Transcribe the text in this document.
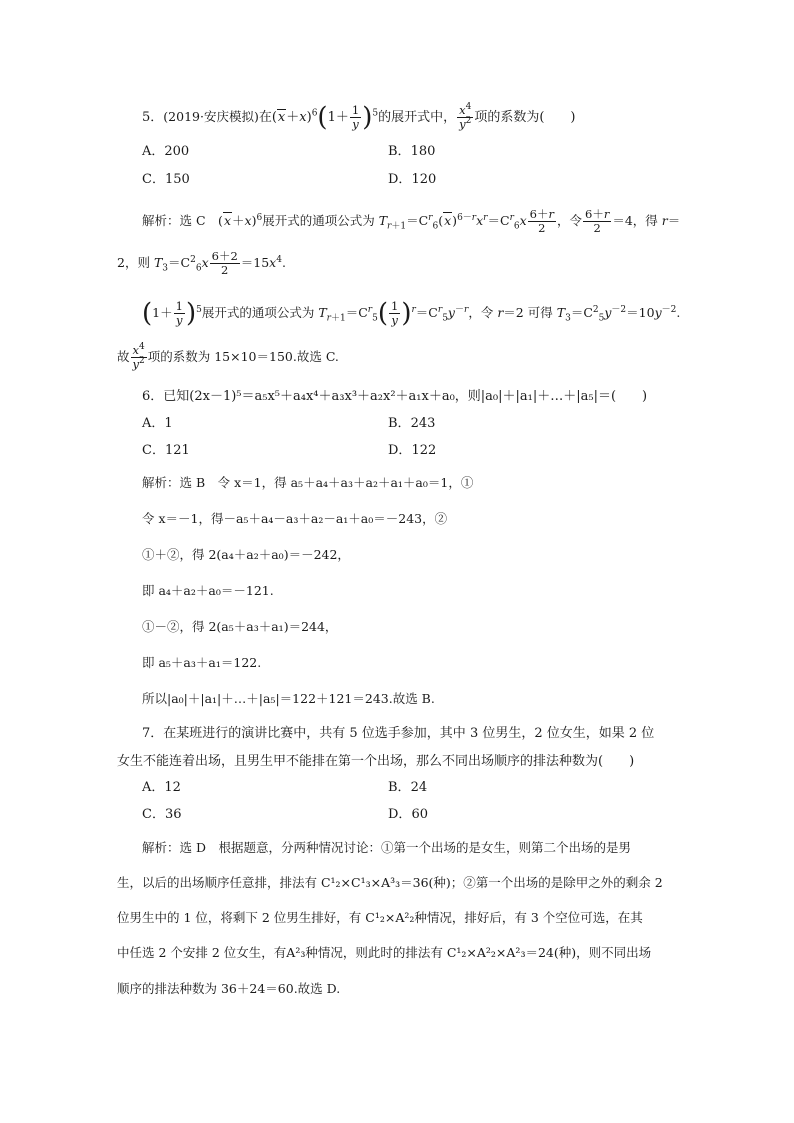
5．(2019·安庆模拟)在$(x+x)^6(1+ \frac{1}{y} )^5$的展开式中， $\frac{x^4}{y^2}$ 项的系数为(　　)
A．200	B．180
C．150	D．120
解析：选 C　$(x+x)^6$展开式的通项公式为 $T_{r+1}=C^r_6(x)^{6-r}x^r=C^r_6x \frac{6+r}{2}$ ，令 $\frac{6+r}{2} =4$，得 r＝
2，则 $T_3=C^2_6x \frac{6+2}{2} =15x^4$.
$(1+ \frac{1}{y} )^5$展开式的通项公式为 $T_{r+1}=C^r_5( \frac{1}{y} )^r=C^r_5y^{-r}$，令 r＝2 可得 $T_3=C^2_5y^{-2}=10y^{-2}$.
故 $\frac{x^4}{y^2}$ 项的系数为 15×10＝150.故选 C.
6．已知(2x－1)⁵＝a₅x⁵＋a₄x⁴＋a₃x³＋a₂x²＋a₁x＋a₀，则|a₀|＋|a₁|＋…＋|a₅|＝(　　)
A．1	B．243
C．121	D．122
解析：选 B　令 x＝1，得 a₅＋a₄＋a₃＋a₂＋a₁＋a₀＝1，①
令 x＝－1，得－a₅＋a₄－a₃＋a₂－a₁＋a₀＝－243，②
①＋②，得 2(a₄＋a₂＋a₀)＝－242，
即 a₄＋a₂＋a₀＝－121.
①－②，得 2(a₅＋a₃＋a₁)＝244，
即 a₅＋a₃＋a₁＝122.
所以|a₀|＋|a₁|＋…＋|a₅|＝122＋121＝243.故选 B.
7．在某班进行的演讲比赛中，共有 5 位选手参加，其中 3 位男生，2 位女生，如果 2 位
女生不能连着出场，且男生甲不能排在第一个出场，那么不同出场顺序的排法种数为(　　)
A．12	B．24
C．36	D．60
解析：选 D　根据题意，分两种情况讨论：①第一个出场的是女生，则第二个出场的是男
生，以后的出场顺序任意排，排法有 C¹₂×C¹₃×A³₃＝36(种)；②第一个出场的是除甲之外的剩余 2
位男生中的 1 位，将剩下 2 位男生排好，有 C¹₂×A²₂种情况，排好后，有 3 个空位可选，在其
中任选 2 个安排 2 位女生，有A²₃种情况，则此时的排法有 C¹₂×A²₂×A²₃＝24(种)，则不同出场
顺序的排法种数为 36＋24＝60.故选 D.
